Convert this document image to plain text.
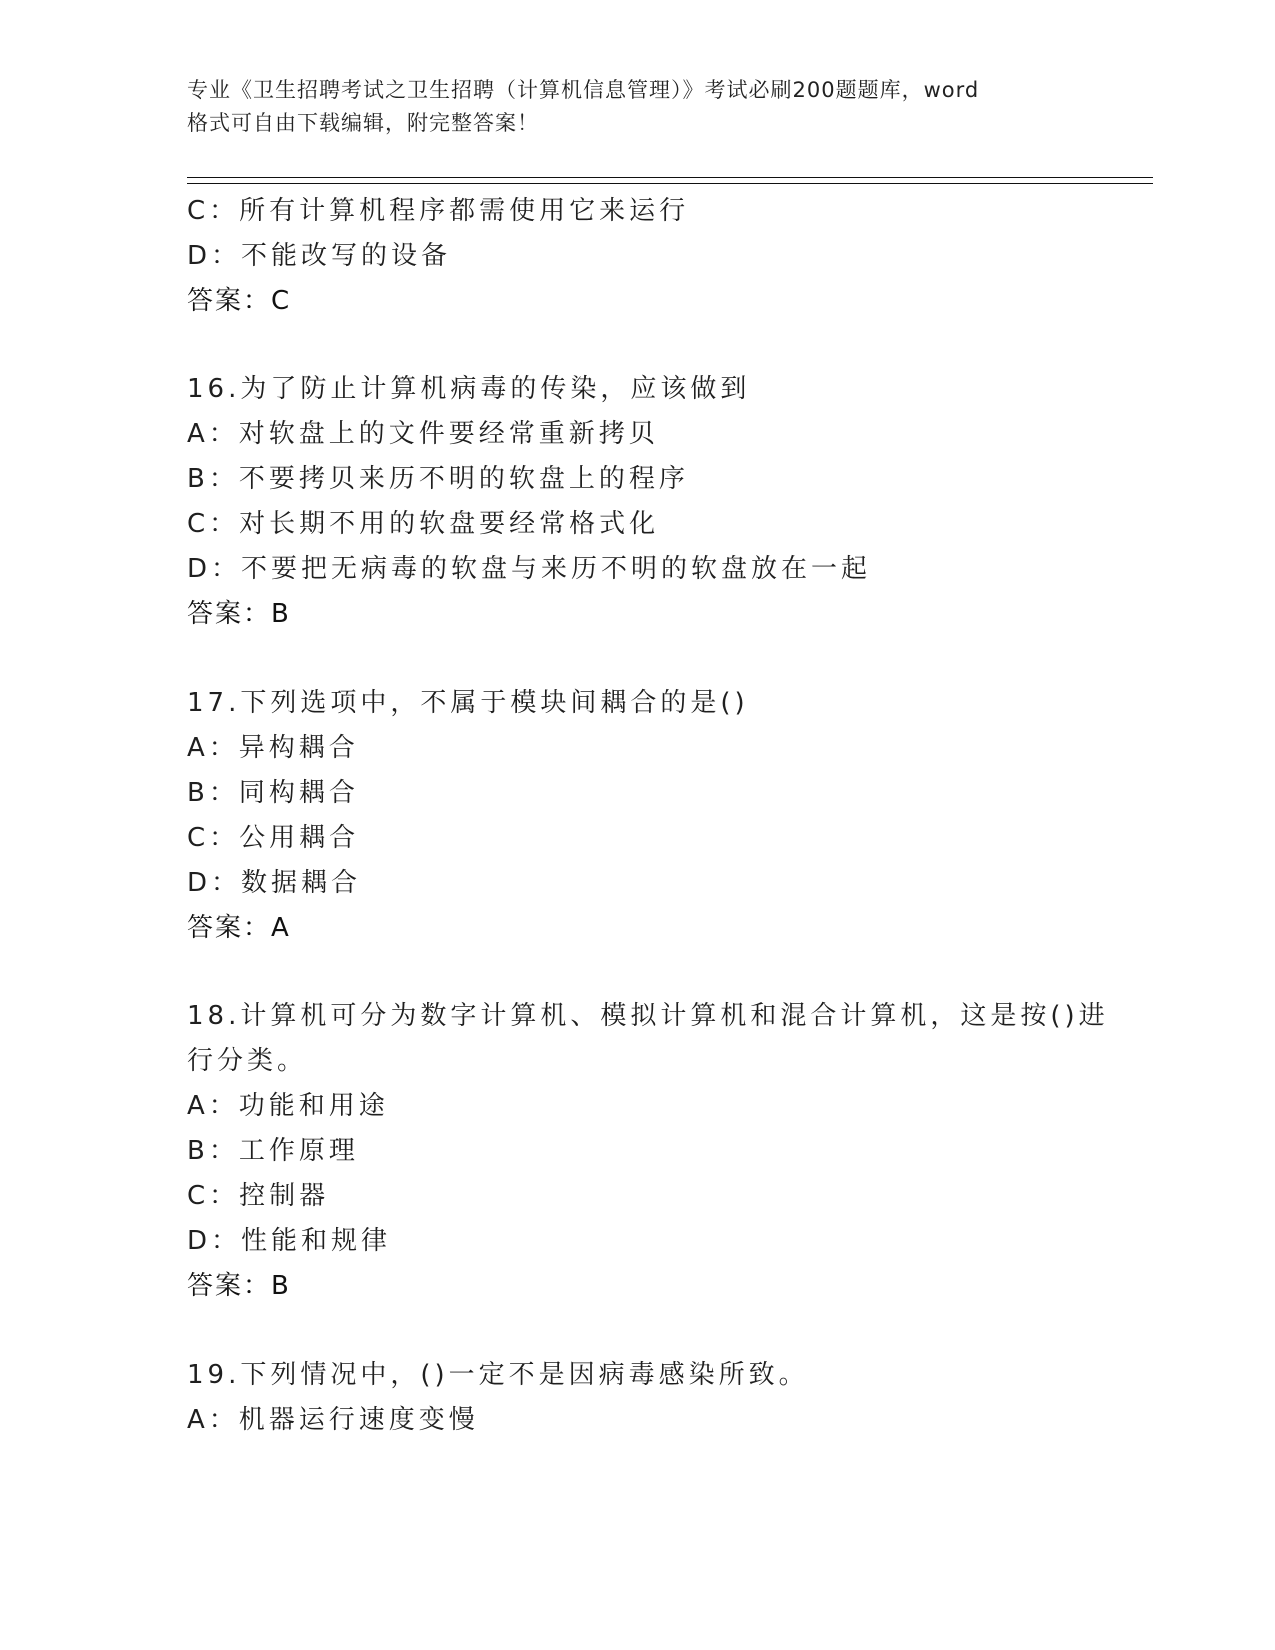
专业《卫生招聘考试之卫生招聘（计算机信息管理）》考试必刷200题题库，word
格式可自由下载编辑，附完整答案！
C：所有计算机程序都需使用它来运行
D：不能改写的设备
答案：C
16.为了防止计算机病毒的传染，应该做到
A：对软盘上的文件要经常重新拷贝
B：不要拷贝来历不明的软盘上的程序
C：对长期不用的软盘要经常格式化
D：不要把无病毒的软盘与来历不明的软盘放在一起
答案：B
17.下列选项中，不属于模块间耦合的是()
A：异构耦合
B：同构耦合
C：公用耦合
D：数据耦合
答案：A
18.计算机可分为数字计算机、模拟计算机和混合计算机，这是按()进
行分类。
A：功能和用途
B：工作原理
C：控制器
D：性能和规律
答案：B
19.下列情况中，()一定不是因病毒感染所致。
A：机器运行速度变慢
